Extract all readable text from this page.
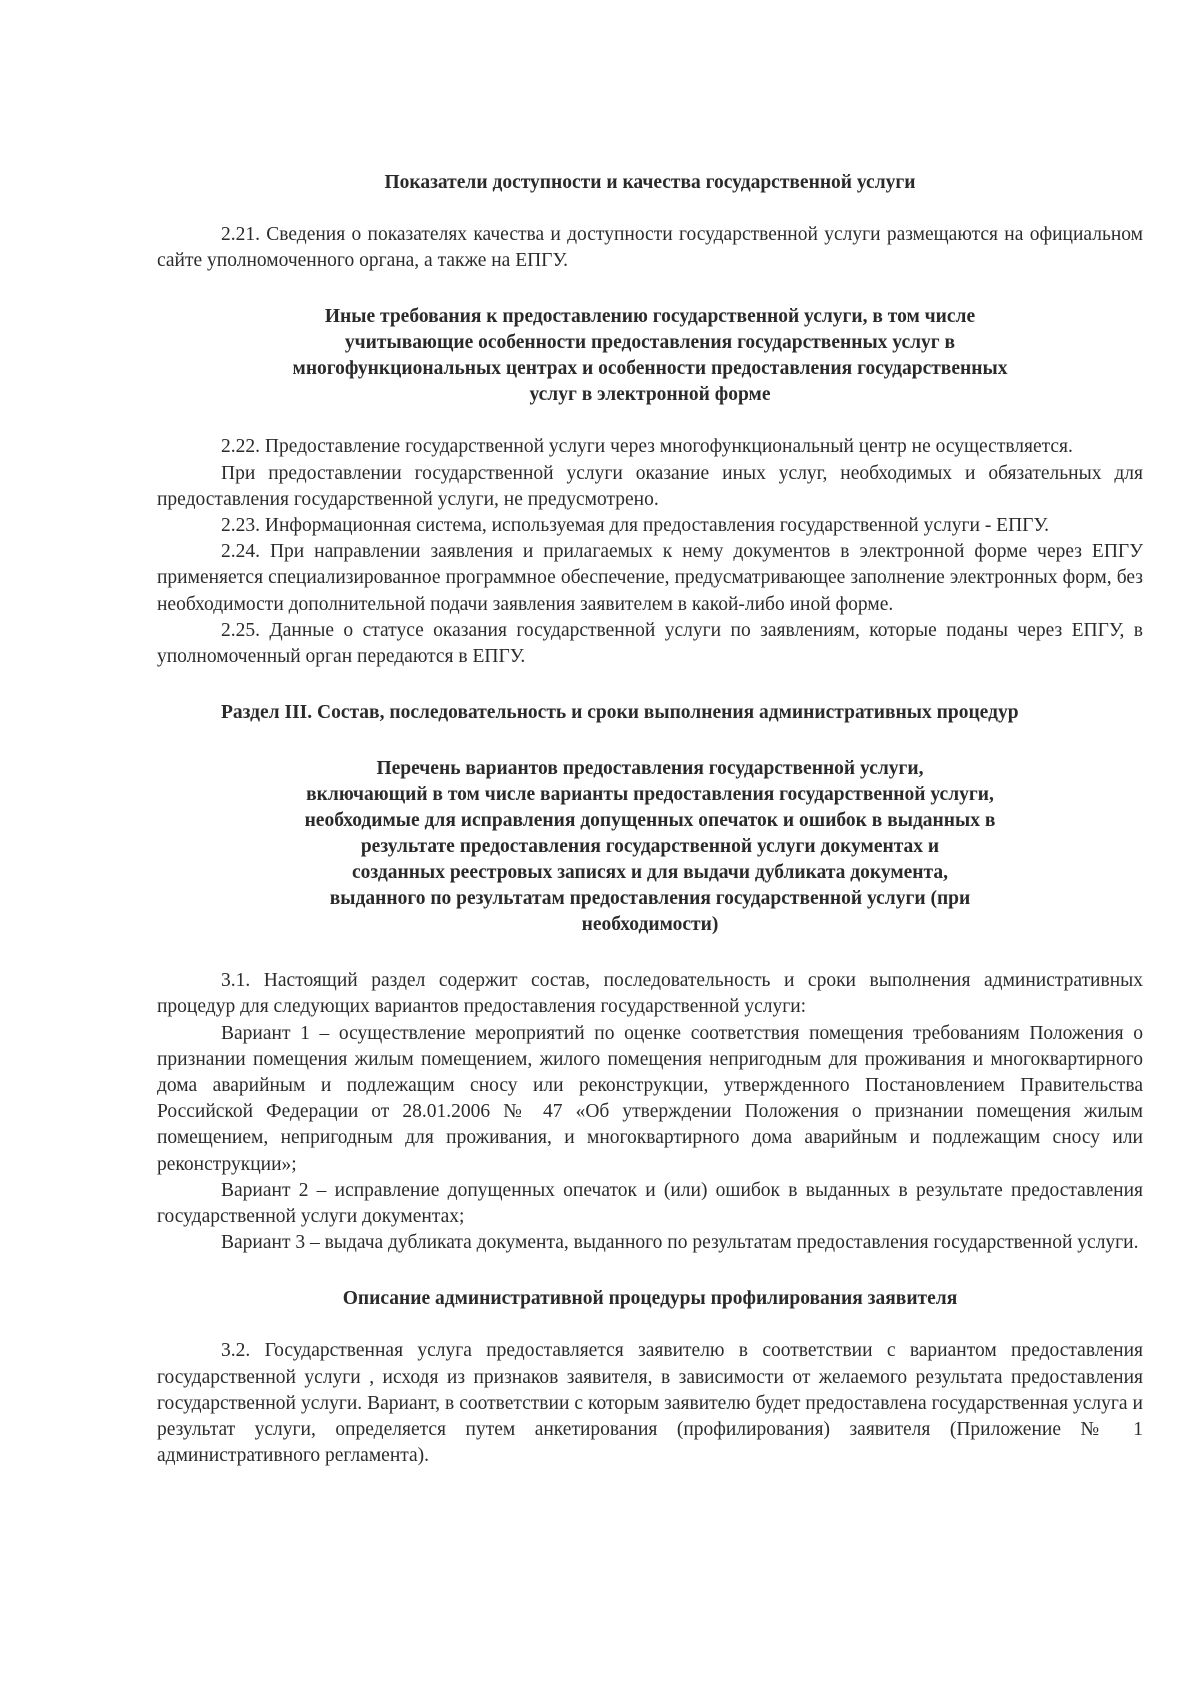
Показатели доступности и качества государственной услуги

2.21. Сведения о показателях качества и доступности государственной услуги размещаются на официальном сайте уполномоченного органа, а также на ЕПГУ.

Иные требования к предоставлению государственной услуги, в том числе
учитывающие особенности предоставления государственных услуг в
многофункциональных центрах и особенности предоставления государственных
услуг в электронной форме

2.22. Предоставление государственной услуги через многофункциональный центр не осуществляется.

При предоставлении государственной услуги оказание иных услуг, необходимых и обязательных для предоставления государственной услуги, не предусмотрено.

2.23. Информационная система, используемая для предоставления государственной услуги - ЕПГУ.

2.24. При направлении заявления и прилагаемых к нему документов в электронной форме через ЕПГУ применяется специализированное программное обеспечение, предусматривающее заполнение электронных форм, без необходимости дополнительной подачи заявления заявителем в какой-либо иной форме.

2.25. Данные о статусе оказания государственной услуги по заявлениям, которые поданы через ЕПГУ, в уполномоченный орган передаются в ЕПГУ.

Раздел III. Состав, последовательность и сроки выполнения административных процедур
Перечень вариантов предоставления государственной услуги,
включающий в том числе варианты предоставления государственной услуги,
необходимые для исправления допущенных опечаток и ошибок в выданных в
результате предоставления государственной услуги документах и
созданных реестровых записях и для выдачи дубликата документа,
выданного по результатам предоставления государственной услуги (при
необходимости)

3.1. Настоящий раздел содержит состав, последовательность и сроки выполнения административных процедур для следующих вариантов предоставления государственной услуги:

Вариант 1 – осуществление мероприятий по оценке соответствия помещения требованиям Положения о признании помещения жилым помещением, жилого помещения непригодным для проживания и многоквартирного дома аварийным и подлежащим сносу или реконструкции, утвержденного Постановлением Правительства Российской Федерации от 28.01.2006 № 47 «Об утверждении Положения о признании помещения жилым помещением, непригодным для проживания, и многоквартирного дома аварийным и подлежащим сносу или реконструкции»;

Вариант 2 – исправление допущенных опечаток и (или) ошибок в выданных в результате предоставления государственной услуги документах;

Вариант 3 – выдача дубликата документа, выданного по результатам предоставления государственной услуги.

Описание административной процедуры профилирования заявителя

3.2. Государственная услуга предоставляется заявителю в соответствии с вариантом предоставления государственной услуги , исходя из признаков заявителя, в зависимости от желаемого результата предоставления государственной услуги. Вариант, в соответствии с которым заявителю будет предоставлена государственная услуга и результат услуги, определяется путем анкетирования (профилирования) заявителя (Приложение № 1 административного регламента).
